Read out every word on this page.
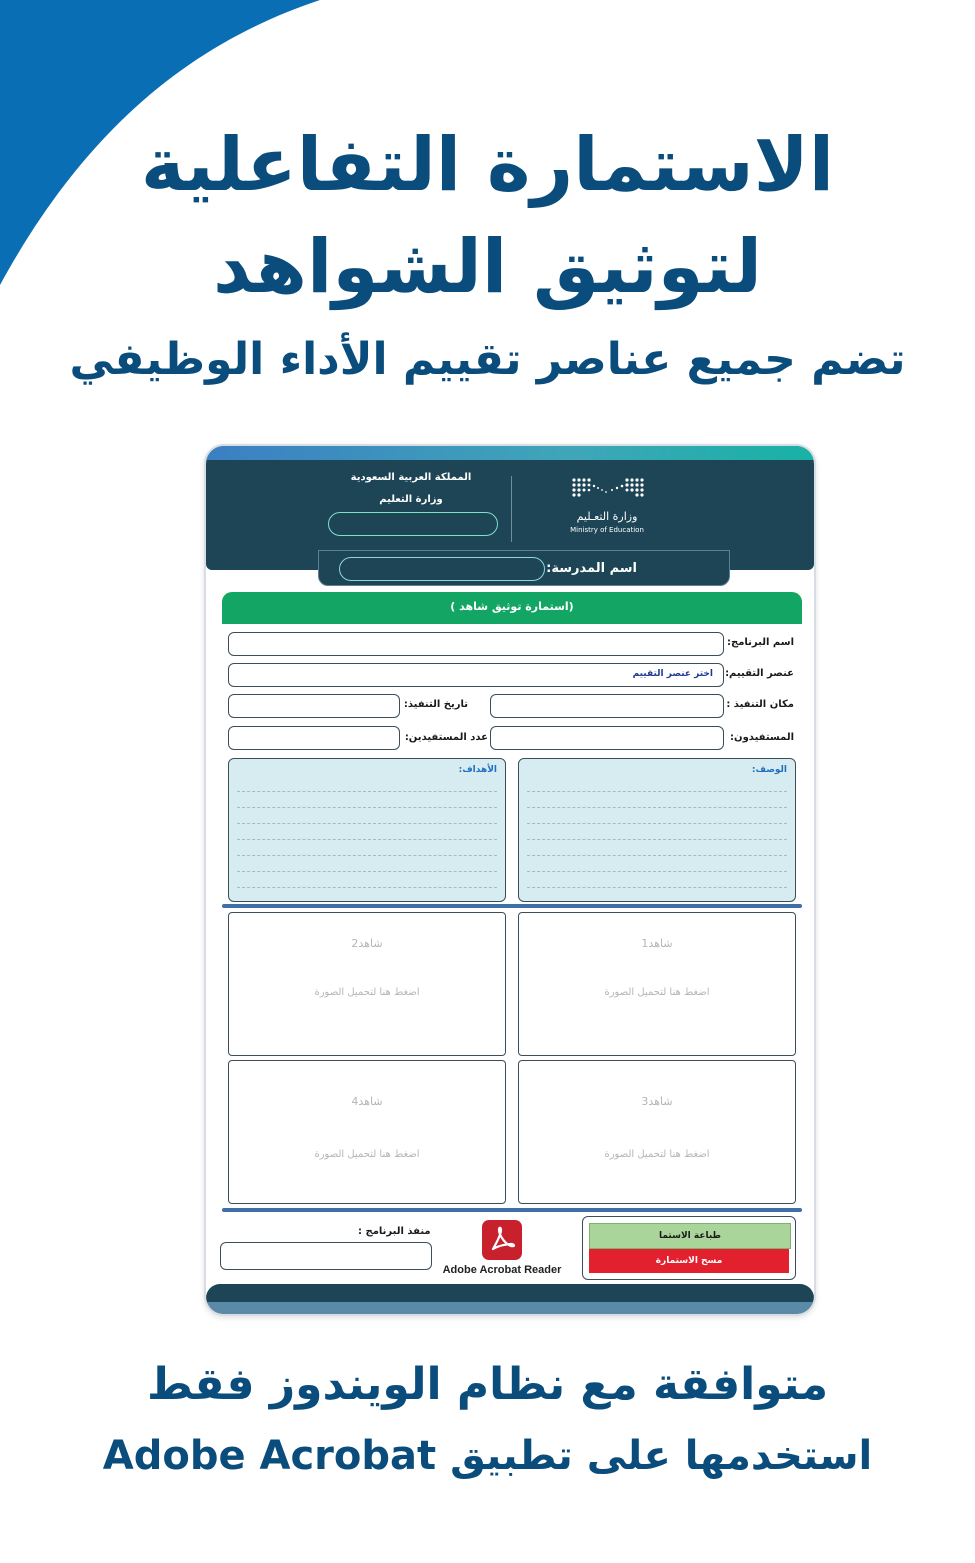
الاستمارة التفاعلية
لتوثيق الشواهد
تضم جميع عناصر تقييم الأداء الوظيفي
المملكة العربية السعودية
وزارة التعليم
وزارة التعـليم
Ministry of Education
اسم المدرسة:
(استمارة توثيق شاهد )
اسم البرنامج:
عنصر التقييم:
اختر عنصر التقييم
مكان التنفيذ :
تاريخ التنفيذ:
المستفيدون:
عدد المستفيدين:
الوصف:
الأهداف:
شاهد1
اضغط هنا لتحميل الصورة
شاهد2
اضغط هنا لتحميل الصورة
شاهد3
اضغط هنا لتحميل الصورة
شاهد4
اضغط هنا لتحميل الصورة
منفذ البرنامج :
Adobe Acrobat Reader
طباعة الاستما
مسح الاستمارة
متوافقة مع نظام الويندوز فقط
استخدمها على تطبيق Adobe Acrobat
